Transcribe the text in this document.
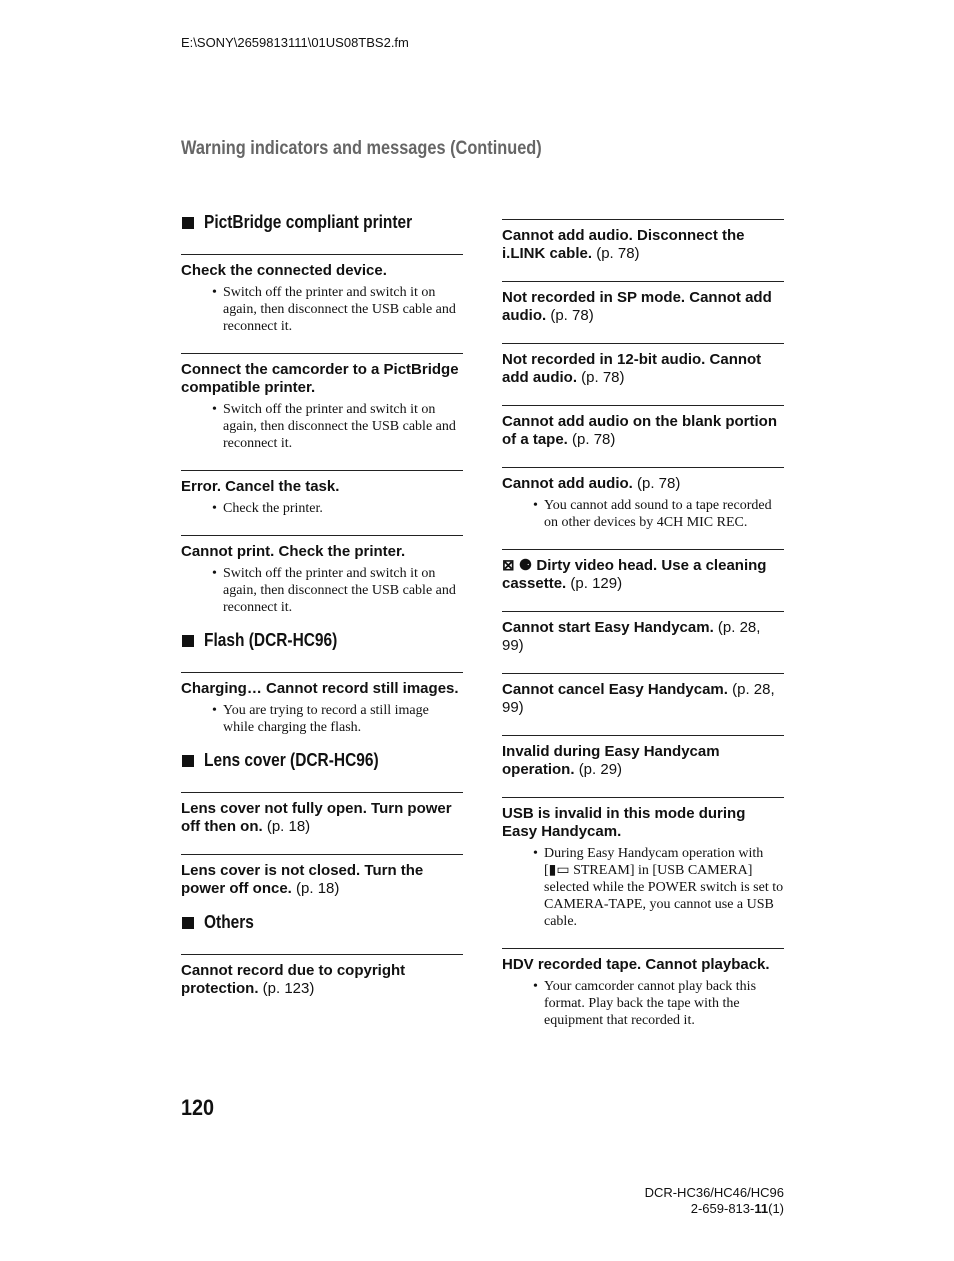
E:\SONY\2659813111\01US08TBS2.fm
Warning indicators and messages (Continued)
PictBridge compliant printer

Check the connected device.

• Switch off the printer and switch it on again, then disconnect the USB cable and reconnect it.

Connect the camcorder to a PictBridge compatible printer.

• Switch off the printer and switch it on again, then disconnect the USB cable and reconnect it.

Error. Cancel the task.

• Check the printer.

Cannot print. Check the printer.

• Switch off the printer and switch it on again, then disconnect the USB cable and reconnect it.
Flash (DCR-HC96)

Charging… Cannot record still images.

• You are trying to record a still image while charging the flash.
Lens cover (DCR-HC96)

Lens cover not fully open. Turn power off then on. (p. 18)

Lens cover is not closed. Turn the power off once. (p. 18)

Others

Cannot record due to copyright protection. (p. 123)

Cannot add audio. Disconnect the i.LINK cable. (p. 78)

Not recorded in SP mode. Cannot add audio. (p. 78)

Not recorded in 12-bit audio. Cannot add audio. (p. 78)

Cannot add audio on the blank portion of a tape. (p. 78)

Cannot add audio. (p. 78)

• You cannot add sound to a tape recorded on other devices by 4CH MIC REC.

⊠ ⚈ Dirty video head. Use a cleaning cassette. (p. 129)

Cannot start Easy Handycam. (p. 28, 99)

Cannot cancel Easy Handycam. (p. 28, 99)

Invalid during Easy Handycam operation. (p. 29)

USB is invalid in this mode during Easy Handycam.

• During Easy Handycam operation with [▮▭ STREAM] in [USB CAMERA] selected while the POWER switch is set to CAMERA-TAPE, you cannot use a USB cable.

HDV recorded tape. Cannot playback.

• Your camcorder cannot play back this format. Play back the tape with the equipment that recorded it.
120
DCR-HC36/HC46/HC96
2-659-813-11(1)
